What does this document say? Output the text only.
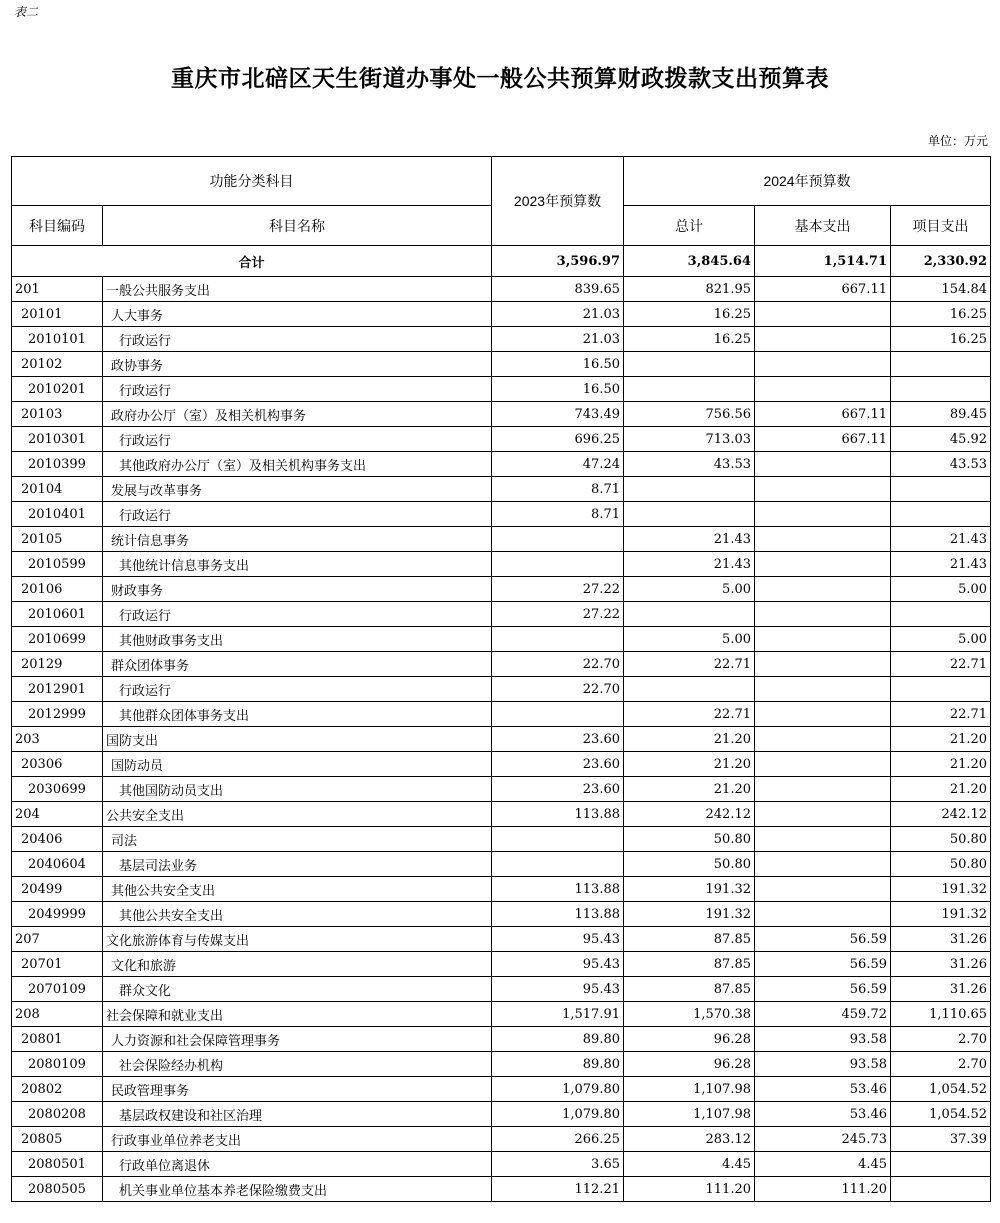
表二
重庆市北碚区天生街道办事处一般公共预算财政拨款支出预算表
单位：万元
功能分类科目		2023年预算数	2024年预算数		
科目编码	科目名称		总计	基本支出	项目支出
合计		3,596.97	3,845.64	1,514.71	2,330.92
201	一般公共服务支出	839.65	821.95	667.11	154.84
20101	人大事务	21.03	16.25		16.25
2010101	行政运行	21.03	16.25		16.25
20102	政协事务	16.50			
2010201	行政运行	16.50			
20103	政府办公厅（室）及相关机构事务	743.49	756.56	667.11	89.45
2010301	行政运行	696.25	713.03	667.11	45.92
2010399	其他政府办公厅（室）及相关机构事务支出	47.24	43.53		43.53
20104	发展与改革事务	8.71			
2010401	行政运行	8.71			
20105	统计信息事务		21.43		21.43
2010599	其他统计信息事务支出		21.43		21.43
20106	财政事务	27.22	5.00		5.00
2010601	行政运行	27.22			
2010699	其他财政事务支出		5.00		5.00
20129	群众团体事务	22.70	22.71		22.71
2012901	行政运行	22.70			
2012999	其他群众团体事务支出		22.71		22.71
203	国防支出	23.60	21.20		21.20
20306	国防动员	23.60	21.20		21.20
2030699	其他国防动员支出	23.60	21.20		21.20
204	公共安全支出	113.88	242.12		242.12
20406	司法		50.80		50.80
2040604	基层司法业务		50.80		50.80
20499	其他公共安全支出	113.88	191.32		191.32
2049999	其他公共安全支出	113.88	191.32		191.32
207	文化旅游体育与传媒支出	95.43	87.85	56.59	31.26
20701	文化和旅游	95.43	87.85	56.59	31.26
2070109	群众文化	95.43	87.85	56.59	31.26
208	社会保障和就业支出	1,517.91	1,570.38	459.72	1,110.65
20801	人力资源和社会保障管理事务	89.80	96.28	93.58	2.70
2080109	社会保险经办机构	89.80	96.28	93.58	2.70
20802	民政管理事务	1,079.80	1,107.98	53.46	1,054.52
2080208	基层政权建设和社区治理	1,079.80	1,107.98	53.46	1,054.52
20805	行政事业单位养老支出	266.25	283.12	245.73	37.39
2080501	行政单位离退休	3.65	4.45	4.45	
2080505	机关事业单位基本养老保险缴费支出	112.21	111.20	111.20	
